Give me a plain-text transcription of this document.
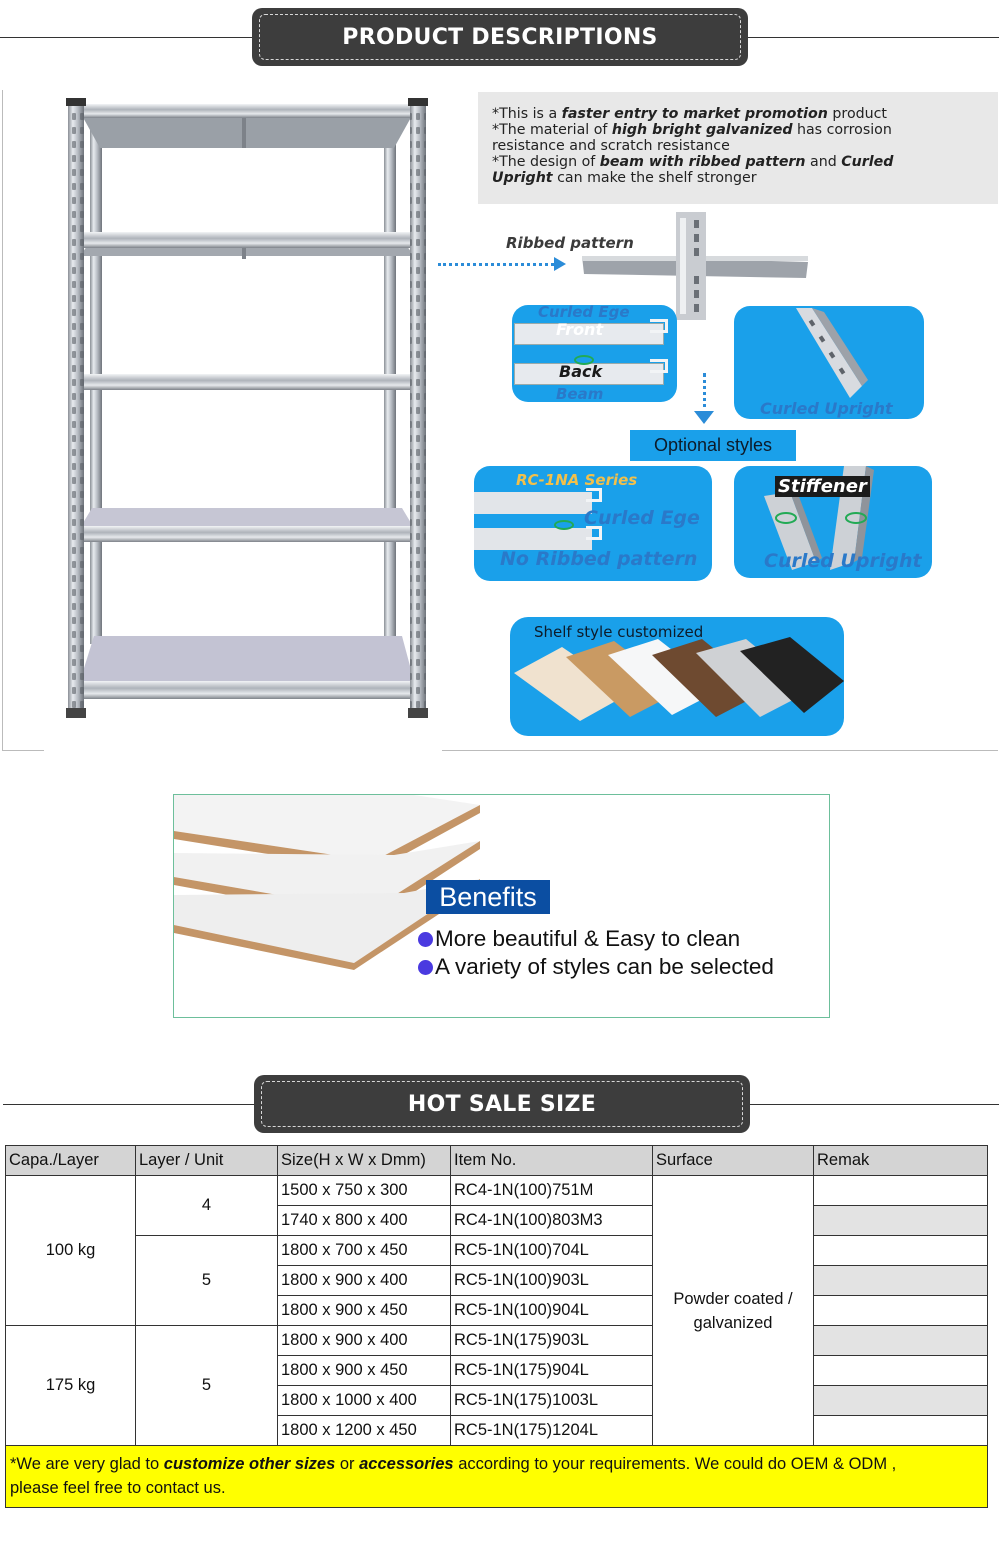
PRODUCT DESCRIPTIONS

*This is a faster entry to market promotion product

*The material of high bright galvanized has corrosion

resistance and scratch resistance

*The design of beam with ribbed pattern and Curled

Upright can make the shelf stronger

Ribbed pattern
Curled Ege
Front
Back
Beam
Curled Upright
Optional styles
RC-1NA Series
Curled Ege
No Ribbed pattern
Stiffener
Curled Upright
Shelf style customized
Benefits
More beautiful & Easy to clean
A variety of styles can be selected
HOT SALE SIZE
Capa./Layer	Layer / Unit	Size(H x W x Dmm)	Item No.	Surface	Remak
100 kg	4	1500 x 750 x 300	RC4-1N(100)751M	Powder coated /
galvanized	
		1740 x 800 x 400	RC4-1N(100)803M3		
	5	1800 x 700 x 450	RC5-1N(100)704L		
		1800 x 900 x 400	RC5-1N(100)903L		
		1800 x 900 x 450	RC5-1N(100)904L		
175 kg	5	1800 x 900 x 400	RC5-1N(175)903L		
		1800 x 900 x 450	RC5-1N(175)904L		
		1800 x 1000 x 400	RC5-1N(175)1003L		
		1800 x 1200 x 450	RC5-1N(175)1204L		
*We are very glad to customize other sizes or accessories according to your requirements. We could do OEM & ODM ,
please feel free to contact us.					
